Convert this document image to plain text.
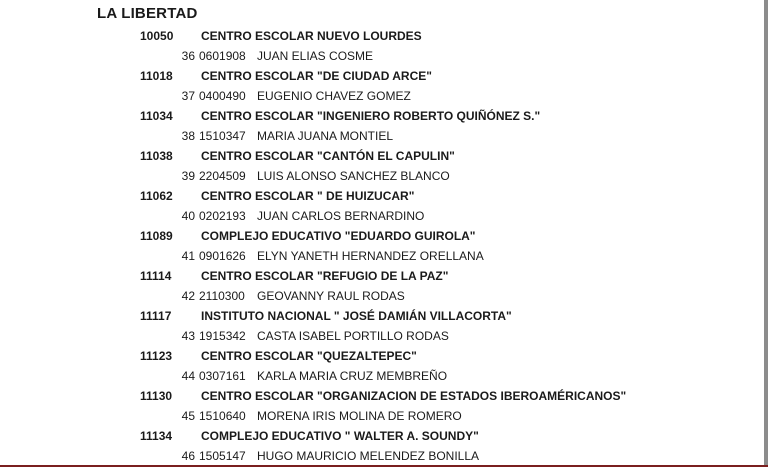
LA LIBERTAD
10050 CENTRO ESCOLAR NUEVO LOURDES
36 0601908 JUAN ELIAS COSME
11018 CENTRO ESCOLAR "DE CIUDAD ARCE"
37 0400490 EUGENIO CHAVEZ GOMEZ
11034 CENTRO ESCOLAR "INGENIERO ROBERTO QUIÑÓNEZ S."
38 1510347 MARIA JUANA MONTIEL
11038 CENTRO ESCOLAR "CANTÓN EL CAPULIN"
39 2204509 LUIS ALONSO SANCHEZ BLANCO
11062 CENTRO ESCOLAR " DE HUIZUCAR"
40 0202193 JUAN CARLOS BERNARDINO
11089 COMPLEJO EDUCATIVO "EDUARDO GUIROLA"
41 0901626 ELYN YANETH HERNANDEZ ORELLANA
11114 CENTRO ESCOLAR "REFUGIO DE LA PAZ"
42 2110300 GEOVANNY RAUL RODAS
11117 INSTITUTO NACIONAL " JOSÉ DAMIÁN VILLACORTA"
43 1915342 CASTA ISABEL PORTILLO RODAS
11123 CENTRO ESCOLAR "QUEZALTEPEC"
44 0307161 KARLA MARIA CRUZ MEMBREÑO
11130 CENTRO ESCOLAR "ORGANIZACION DE ESTADOS IBEROAMÉRICANOS"
45 1510640 MORENA IRIS MOLINA DE ROMERO
11134 COMPLEJO EDUCATIVO " WALTER A. SOUNDY"
46 1505147 HUGO MAURICIO MELENDEZ BONILLA
